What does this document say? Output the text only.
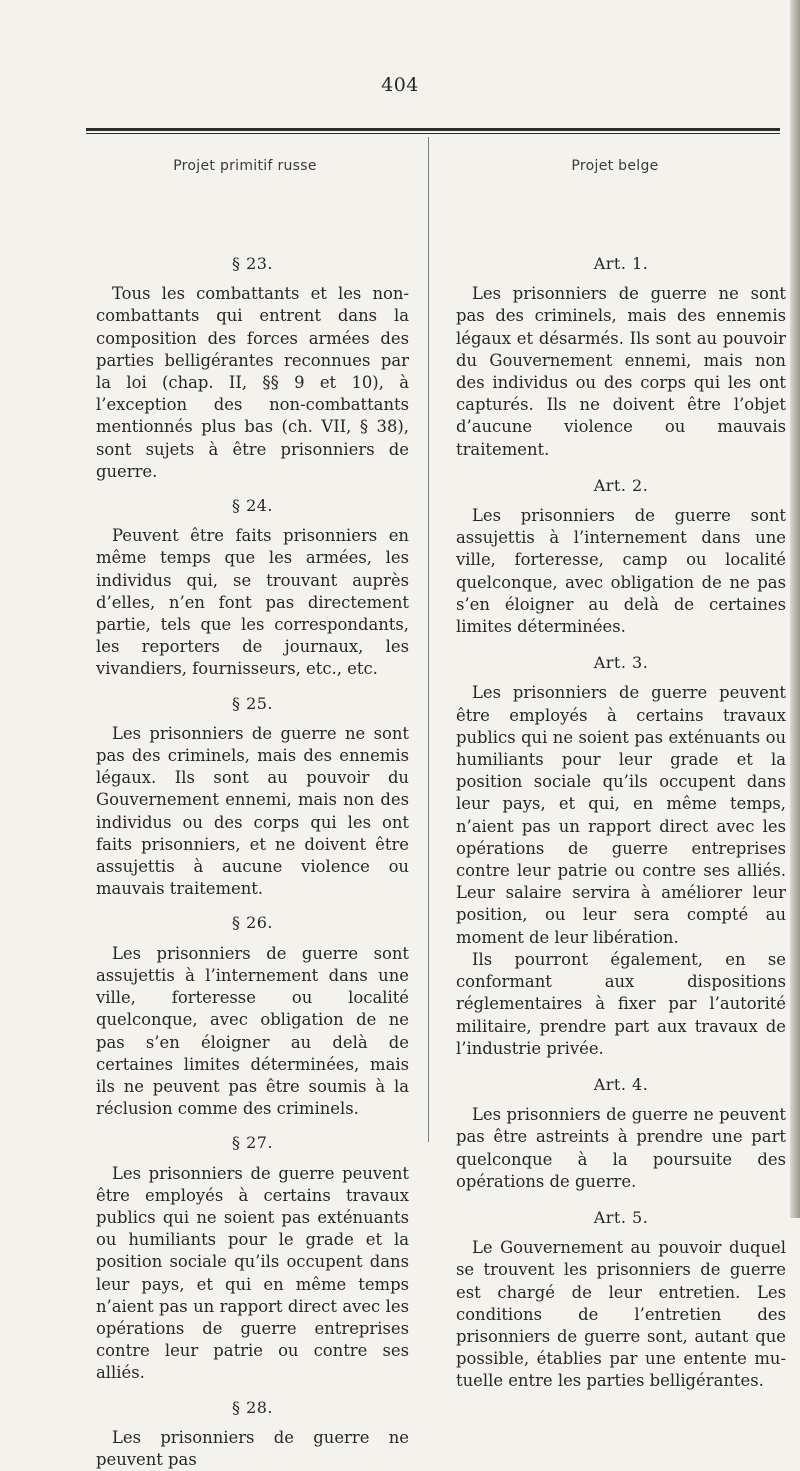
404
Projet primitif russe	Projet belge
§ 23.

Tous les combattants et les non-combattants qui entrent dans la composition des forces armées des parties belligérantes reconnues par la loi (chap. II, §§ 9 et 10), à l’exception des non-combattants mentionnés plus bas (ch. VII, § 38), sont sujets à être prisonniers de guerre.

§ 24.

Peuvent être faits prisonniers en même temps que les armées, les individus qui, se trouvant auprès d’elles, n’en font pas directement partie, tels que les correspondants, les reporters de journaux, les vivandiers, fournisseurs, etc., etc.

§ 25.

Les prisonniers de guerre ne sont pas des criminels, mais des ennemis légaux. Ils sont au pouvoir du Gouvernement ennemi, mais non des individus ou des corps qui les ont faits prisonniers, et ne doivent être assujettis à aucune violence ou mauvais traitement.

§ 26.

Les prisonniers de guerre sont assujettis à l’internement dans une ville, forteresse ou localité quelconque, avec obligation de ne pas s’en éloigner au delà de certaines limites déterminées, mais ils ne peuvent pas être soumis à la réclusion comme des criminels.

§ 27.

Les prisonniers de guerre peuvent être employés à certains travaux publics qui ne soient pas exténuants ou humiliants pour le grade et la position sociale qu’ils occupent dans leur pays, et qui en même temps n’aient pas un rapport direct avec les opérations de guerre entreprises contre leur patrie ou contre ses alliés.

§ 28.

Les prisonniers de guerre ne peuvent pas

Art. 1.

Les prisonniers de guerre ne sont pas des criminels, mais des ennemis légaux et désarmés. Ils sont au pouvoir du Gouvernement ennemi, mais non des individus ou des corps qui les ont capturés. Ils ne doivent être l’objet d’aucune violence ou mauvais traitement.

Art. 2.

Les prisonniers de guerre sont assujettis à l’internement dans une ville, forteresse, camp ou localité quelconque, avec obligation de ne pas s’en éloigner au delà de certaines limites déterminées.

Art. 3.

Les prisonniers de guerre peuvent être employés à certains travaux publics qui ne soient pas exténuants ou humiliants pour leur grade et la position sociale qu’ils occupent dans leur pays, et qui, en même temps, n’aient pas un rapport direct avec les opérations de guerre entreprises contre leur patrie ou contre ses alliés. Leur salaire servira à améliorer leur position, ou leur sera compté au moment de leur libération.

Ils pourront également, en se conformant aux dispositions réglementaires à fixer par l’autorité militaire, prendre part aux travaux de l’industrie privée.

Art. 4.

Les prisonniers de guerre ne peuvent pas être astreints à prendre une part quelconque à la poursuite des opérations de guerre.

Art. 5.

Le Gouvernement au pouvoir duquel se trouvent les prisonniers de guerre est chargé de leur entretien. Les conditions de l’entretien des prisonniers de guerre sont, autant que possible, établies par une entente mutuelle entre les parties belligérantes.
